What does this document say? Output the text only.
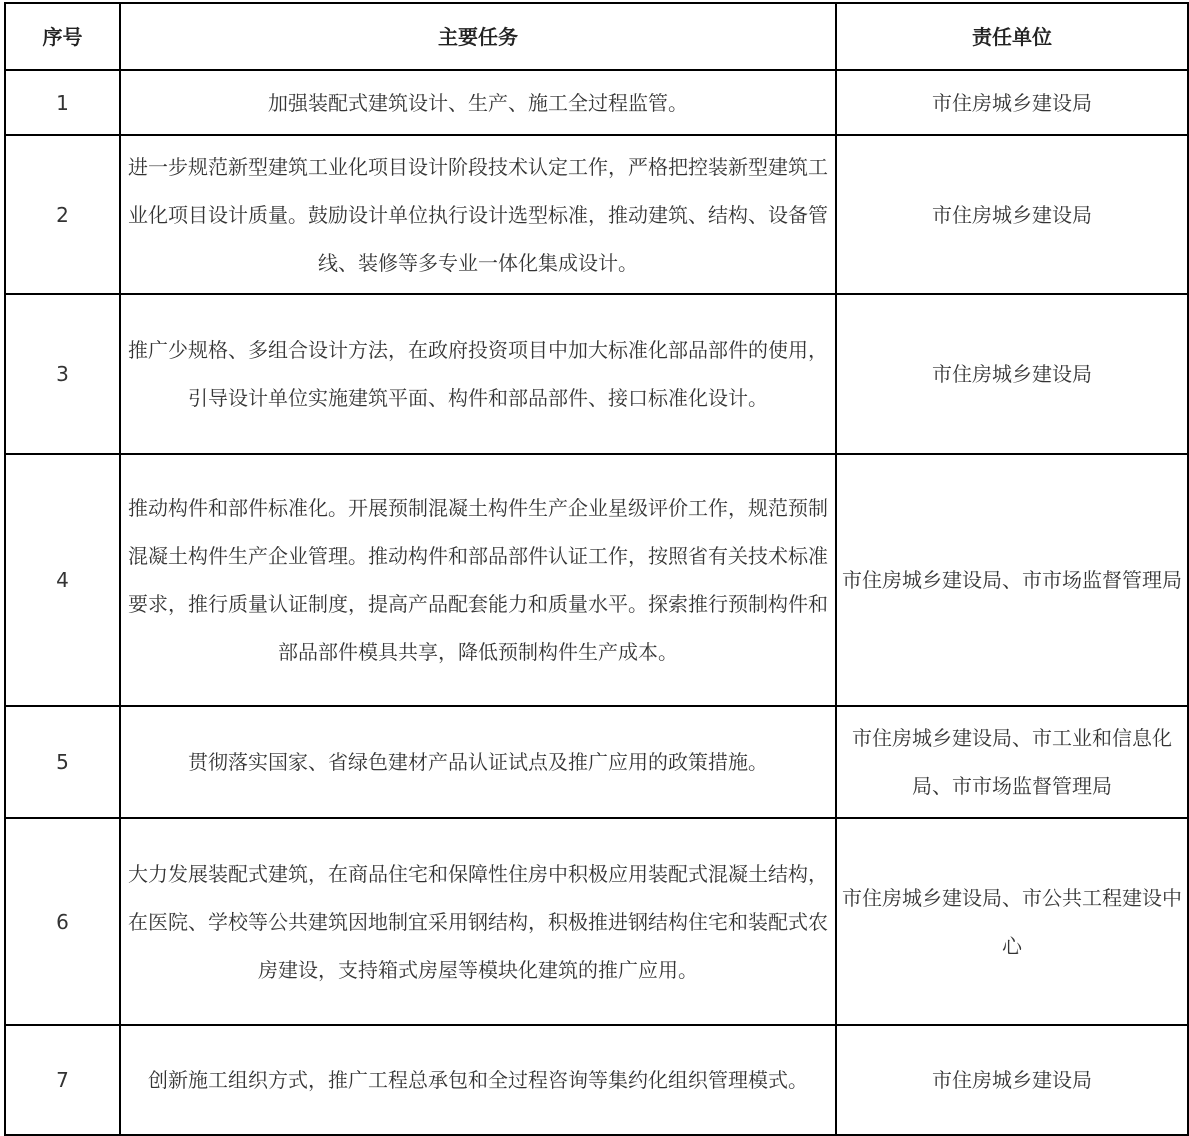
序号	主要任务	责任单位
1	加强装配式建筑设计、生产、施工全过程监管。	市住房城乡建设局
2	进一步规范新型建筑工业化项目设计阶段技术认定工作，严格把控装新型建筑工业化项目设计质量。鼓励设计单位执行设计选型标准，推动建筑、结构、设备管线、装修等多专业一体化集成设计。	市住房城乡建设局
3	推广少规格、多组合设计方法，在政府投资项目中加大标准化部品部件的使用，引导设计单位实施建筑平面、构件和部品部件、接口标准化设计。	市住房城乡建设局
4	推动构件和部件标准化。开展预制混凝土构件生产企业星级评价工作，规范预制混凝土构件生产企业管理。推动构件和部品部件认证工作，按照省有关技术标准要求，推行质量认证制度，提高产品配套能力和质量水平。探索推行预制构件和部品部件模具共享，降低预制构件生产成本。	市住房城乡建设局、市市场监督管理局
5	贯彻落实国家、省绿色建材产品认证试点及推广应用的政策措施。	市住房城乡建设局、市工业和信息化局、市市场监督管理局
6	大力发展装配式建筑，在商品住宅和保障性住房中积极应用装配式混凝土结构，在医院、学校等公共建筑因地制宜采用钢结构，积极推进钢结构住宅和装配式农房建设，支持箱式房屋等模块化建筑的推广应用。	市住房城乡建设局、市公共工程建设中心
7	创新施工组织方式，推广工程总承包和全过程咨询等集约化组织管理模式。	市住房城乡建设局
